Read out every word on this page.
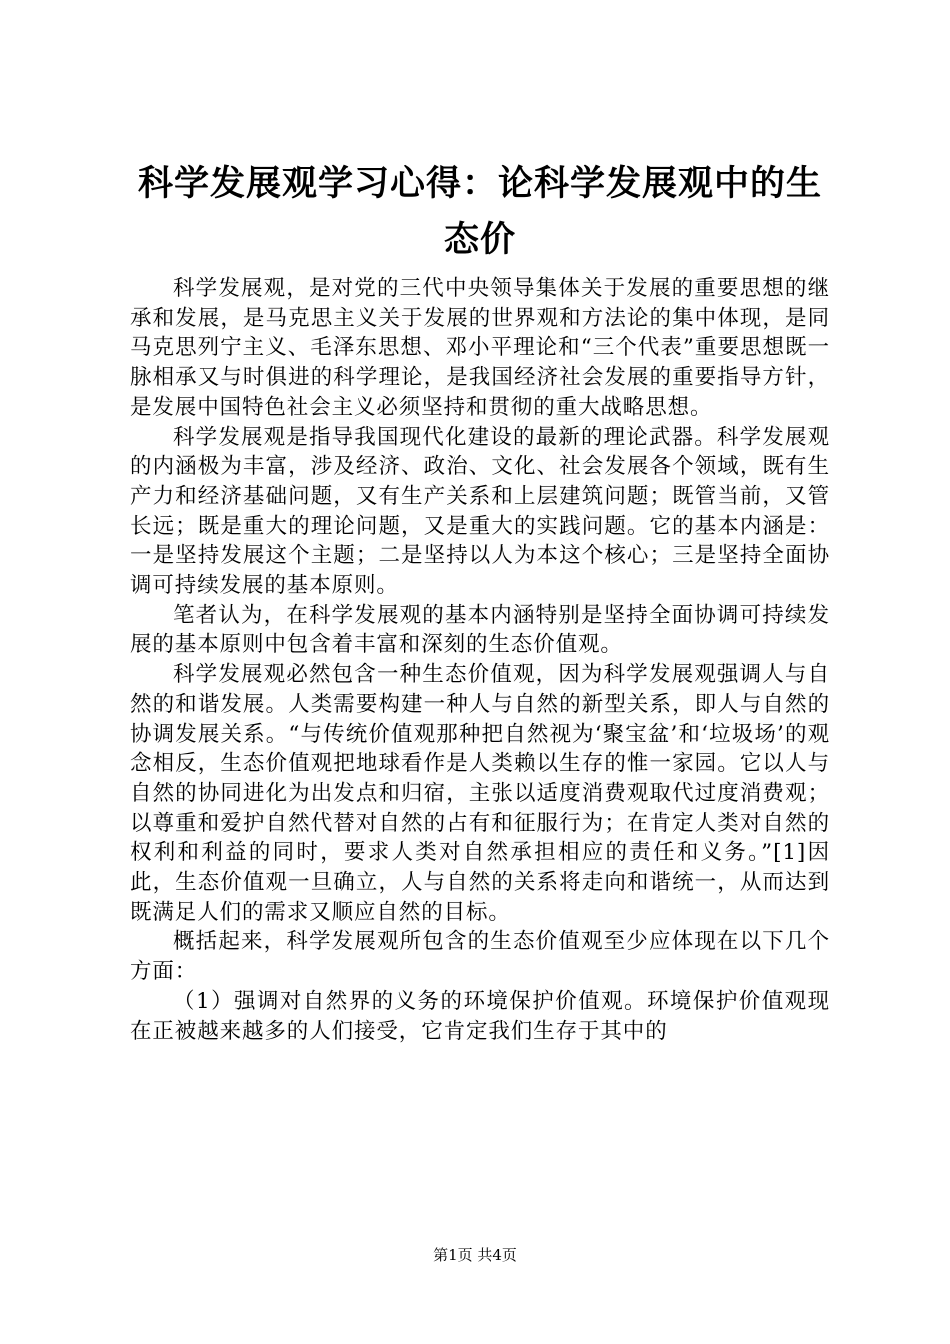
科学发展观学习心得：论科学发展观中的生态价

科学发展观，是对党的三代中央领导集体关于发展的重要思想的继承和发展，是马克思主义关于发展的世界观和方法论的集中体现，是同马克思列宁主义、毛泽东思想、邓小平理论和“三个代表”重要思想既一脉相承又与时俱进的科学理论，是我国经济社会发展的重要指导方针，是发展中国特色社会主义必须坚持和贯彻的重大战略思想。

科学发展观是指导我国现代化建设的最新的理论武器。科学发展观的内涵极为丰富，涉及经济、政治、文化、社会发展各个领域，既有生产力和经济基础问题，又有生产关系和上层建筑问题；既管当前，又管长远；既是重大的理论问题，又是重大的实践问题。它的基本内涵是：一是坚持发展这个主题；二是坚持以人为本这个核心；三是坚持全面协调可持续发展的基本原则。

笔者认为，在科学发展观的基本内涵特别是坚持全面协调可持续发展的基本原则中包含着丰富和深刻的生态价值观。

科学发展观必然包含一种生态价值观，因为科学发展观强调人与自然的和谐发展。人类需要构建一种人与自然的新型关系，即人与自然的协调发展关系。“与传统价值观那种把自然视为‘聚宝盆’和‘垃圾场’的观念相反，生态价值观把地球看作是人类赖以生存的惟一家园。它以人与自然的协同进化为出发点和归宿，主张以适度消费观取代过度消费观；以尊重和爱护自然代替对自然的占有和征服行为；在肯定人类对自然的权利和利益的同时，要求人类对自然承担相应的责任和义务。”[1]因此，生态价值观一旦确立，人与自然的关系将走向和谐统一，从而达到既满足人们的需求又顺应自然的目标。

概括起来，科学发展观所包含的生态价值观至少应体现在以下几个方面：

（1）强调对自然界的义务的环境保护价值观。环境保护价值观现在正被越来越多的人们接受，它肯定我们生存于其中的

第1页 共4页
